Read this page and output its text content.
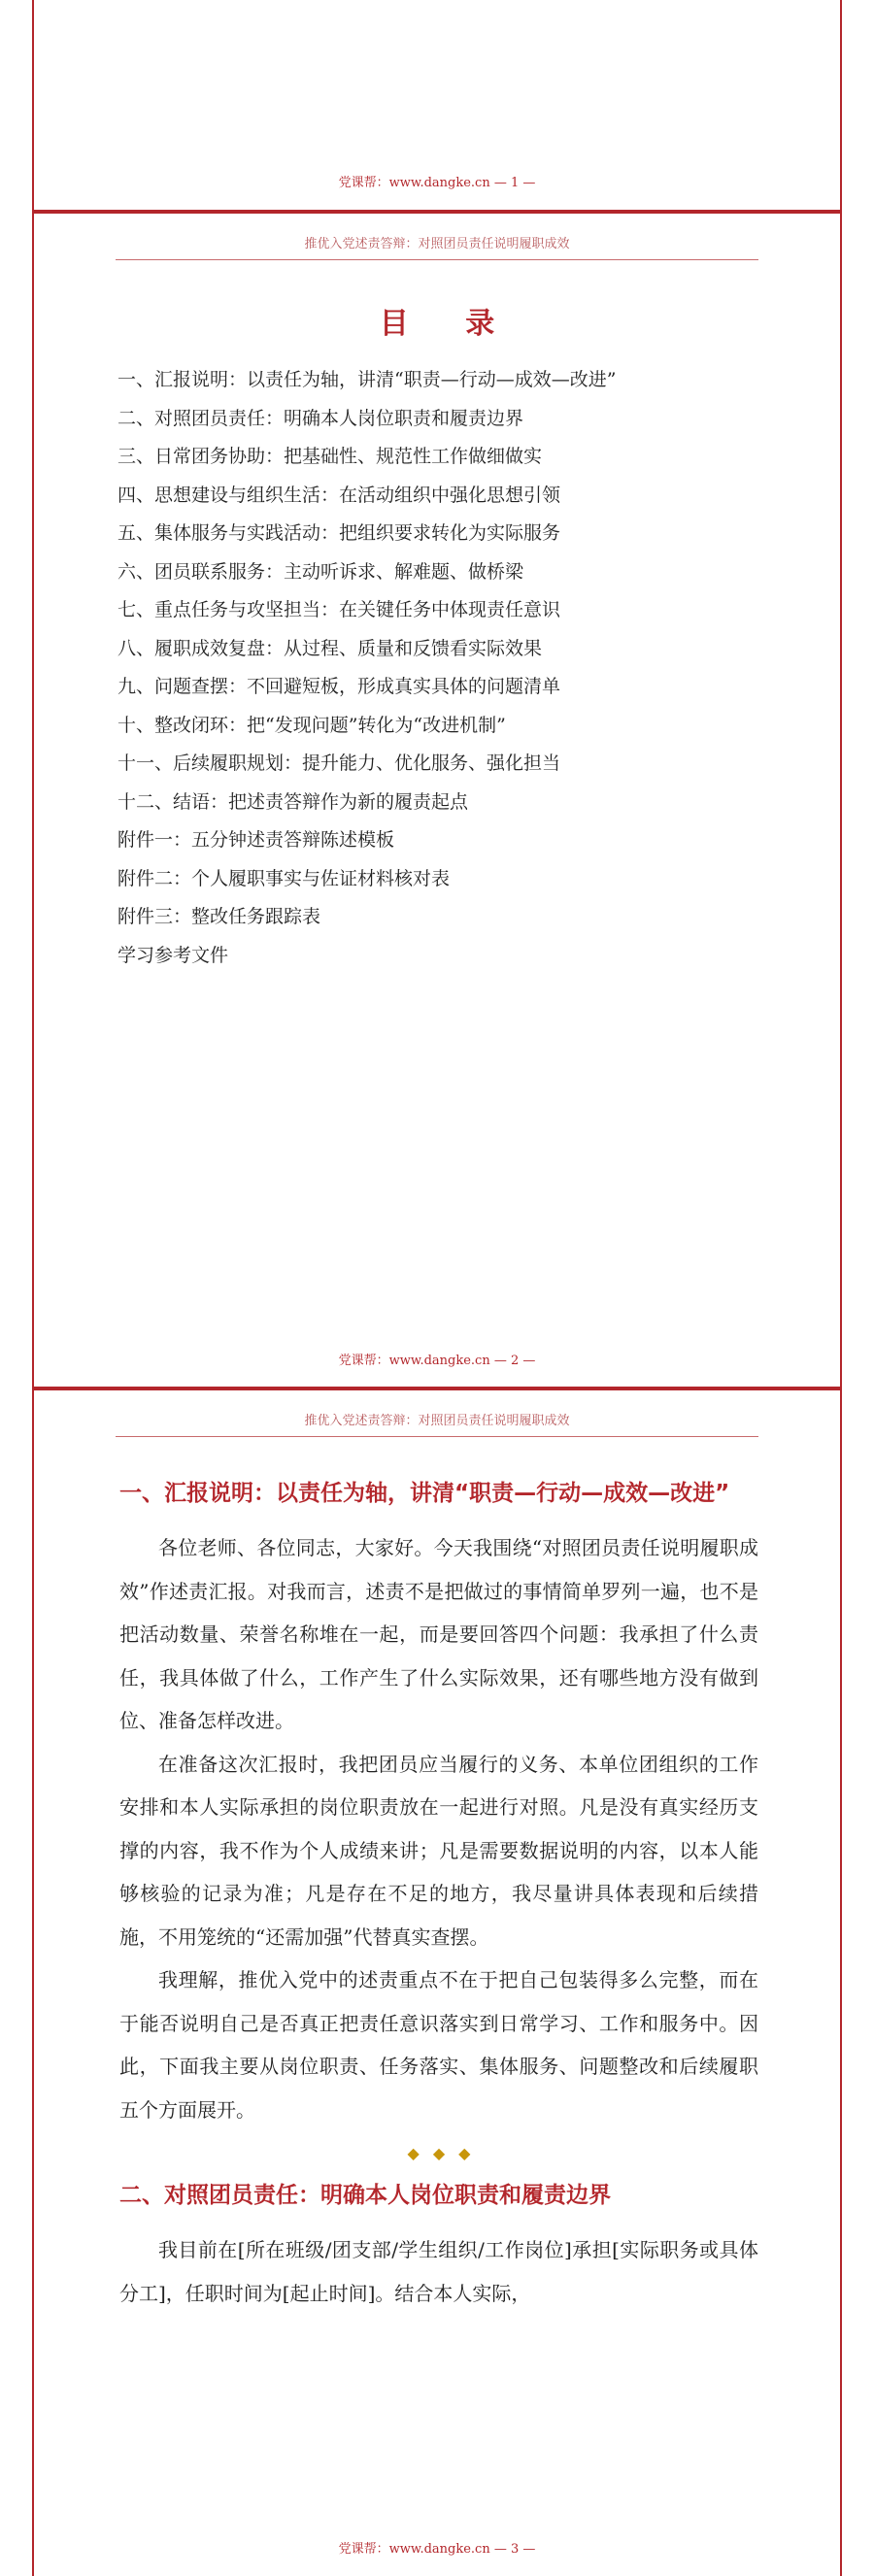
党课帮：www.dangke.cn — 1 —
推优入党述责答辩：对照团员责任说明履职成效
目 录
一、汇报说明：以责任为轴，讲清“职责—行动—成效—改进”
二、对照团员责任：明确本人岗位职责和履责边界
三、日常团务协助：把基础性、规范性工作做细做实
四、思想建设与组织生活：在活动组织中强化思想引领
五、集体服务与实践活动：把组织要求转化为实际服务
六、团员联系服务：主动听诉求、解难题、做桥梁
七、重点任务与攻坚担当：在关键任务中体现责任意识
八、履职成效复盘：从过程、质量和反馈看实际效果
九、问题查摆：不回避短板，形成真实具体的问题清单
十、整改闭环：把“发现问题”转化为“改进机制”
十一、后续履职规划：提升能力、优化服务、强化担当
十二、结语：把述责答辩作为新的履责起点
附件一：五分钟述责答辩陈述模板
附件二：个人履职事实与佐证材料核对表
附件三：整改任务跟踪表
学习参考文件
党课帮：www.dangke.cn — 2 —
推优入党述责答辩：对照团员责任说明履职成效
一、汇报说明：以责任为轴，讲清“职责—行动—成效—改进”

各位老师、各位同志，大家好。今天我围绕“对照团员责任说明履职成效”作述责汇报。对我而言，述责不是把做过的事情简单罗列一遍，也不是把活动数量、荣誉名称堆在一起，而是要回答四个问题：我承担了什么责任，我具体做了什么，工作产生了什么实际效果，还有哪些地方没有做到位、准备怎样改进。

在准备这次汇报时，我把团员应当履行的义务、本单位团组织的工作安排和本人实际承担的岗位职责放在一起进行对照。凡是没有真实经历支撑的内容，我不作为个人成绩来讲；凡是需要数据说明的内容，以本人能够核验的记录为准；凡是存在不足的地方，我尽量讲具体表现和后续措施，不用笼统的“还需加强”代替真实查摆。

我理解，推优入党中的述责重点不在于把自己包装得多么完整，而在于能否说明自己是否真正把责任意识落实到日常学习、工作和服务中。因此，下面我主要从岗位职责、任务落实、集体服务、问题整改和后续履职五个方面展开。

◆◆◆
二、对照团员责任：明确本人岗位职责和履责边界

我目前在[所在班级/团支部/学生组织/工作岗位]承担[实际职务或具体分工]，任职时间为[起止时间]。结合本人实际，

党课帮：www.dangke.cn — 3 —
